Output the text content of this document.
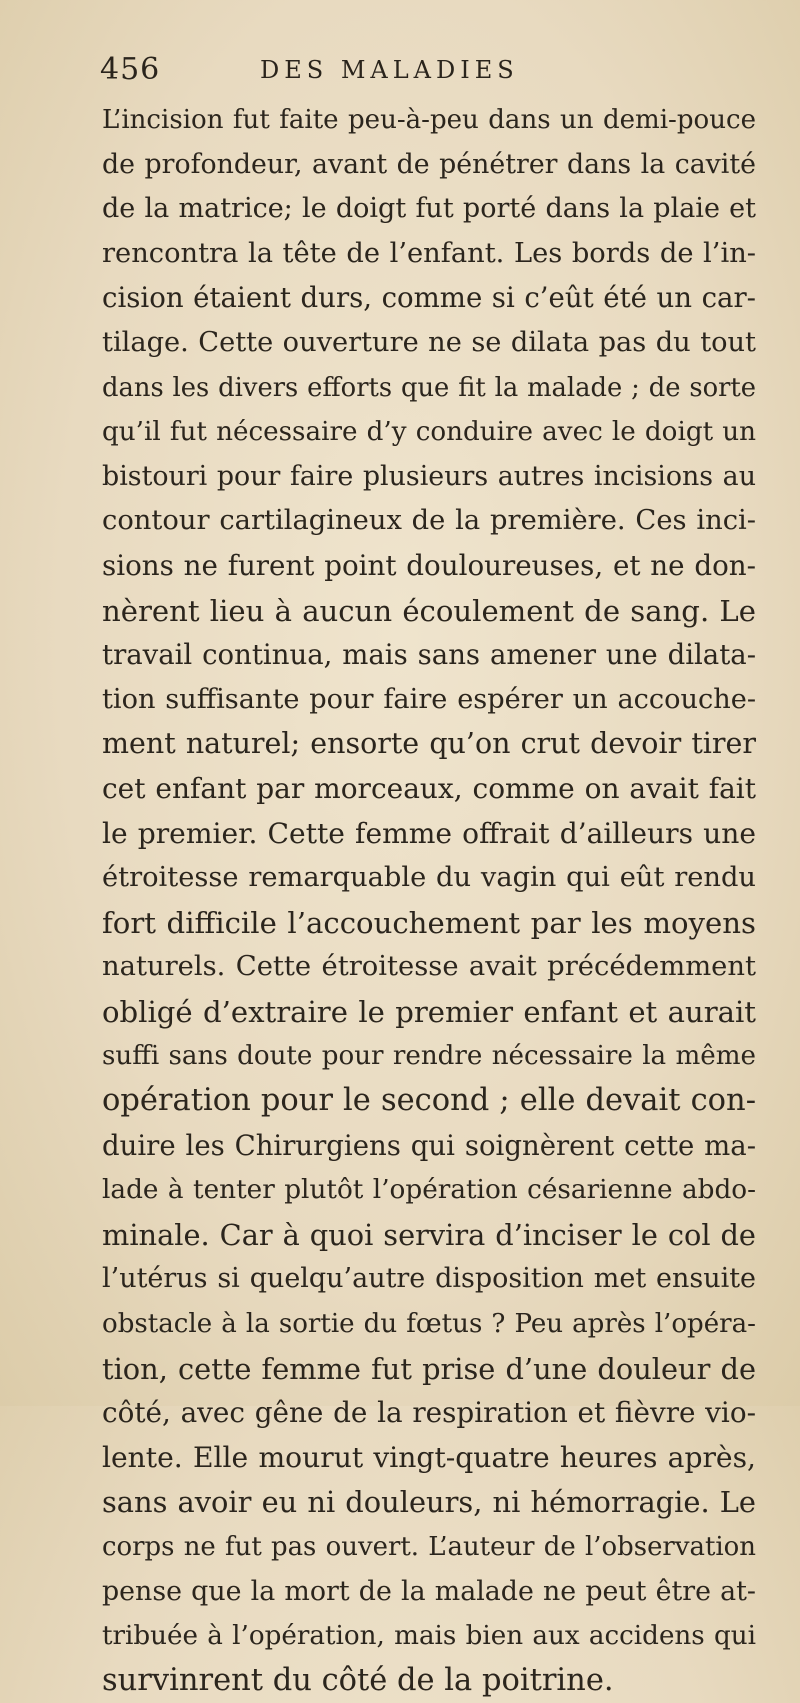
456	DES MALADIES
L’incision fut faite peu-à-peu dans un demi-pouce
de profondeur, avant de pénétrer dans la cavité
de la matrice; le doigt fut porté dans la plaie et
rencontra la tête de l’enfant. Les bords de l’in-
cision étaient durs, comme si c’eût été un car-
tilage. Cette ouverture ne se dilata pas du tout
dans les divers efforts que fit la malade ; de sorte
qu’il fut nécessaire d’y conduire avec le doigt un
bistouri pour faire plusieurs autres incisions au
contour cartilagineux de la première. Ces inci-
sions ne furent point douloureuses, et ne don-
nèrent lieu à aucun écoulement de sang. Le
travail continua, mais sans amener une dilata-
tion suffisante pour faire espérer un accouche-
ment naturel; ensorte qu’on crut devoir tirer
cet enfant par morceaux, comme on avait fait
le premier. Cette femme offrait d’ailleurs une
étroitesse remarquable du vagin qui eût rendu
fort difficile l’accouchement par les moyens
naturels. Cette étroitesse avait précédemment
obligé d’extraire le premier enfant et aurait
suffi sans doute pour rendre nécessaire la même
opération pour le second ; elle devait con-
duire les Chirurgiens qui soignèrent cette ma-
lade à tenter plutôt l’opération césarienne abdo-
minale. Car à quoi servira d’inciser le col de
l’utérus si quelqu’autre disposition met ensuite
obstacle à la sortie du fœtus ? Peu après l’opéra-
tion, cette femme fut prise d’une douleur de
côté, avec gêne de la respiration et fièvre vio-
lente. Elle mourut vingt-quatre heures après,
sans avoir eu ni douleurs, ni hémorragie. Le
corps ne fut pas ouvert. L’auteur de l’observation
pense que la mort de la malade ne peut être at-
tribuée à l’opération, mais bien aux accidens qui
survinrent du côté de la poitrine.
